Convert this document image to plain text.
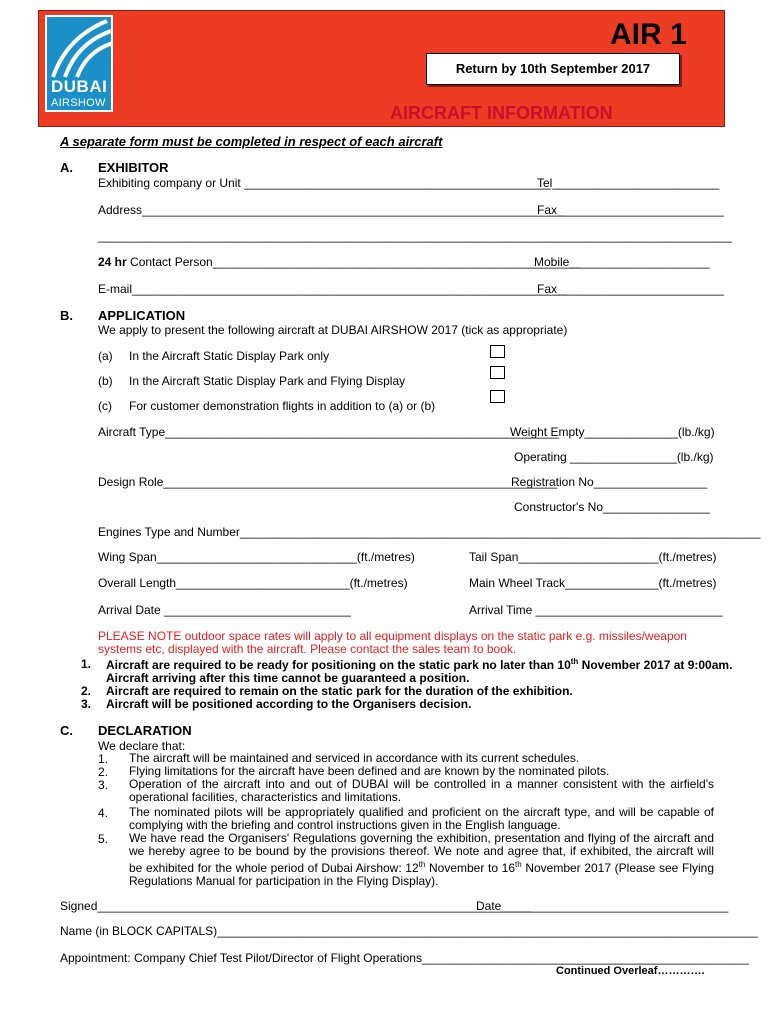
DUBAI
AIRSHOW
AIR 1
Return by 10th September 2017
AIRCRAFT INFORMATION
A separate form must be completed in respect of each aircraft
A. EXHIBITOR
Exhibiting company or Unit ______________________________________________
Tel_________________________
Address_______________________________________________________________
Fax_________________________
_______________________________________________________________________________________________
24 hr Contact Person_______________________________________________________
Mobile_____________________
E-mail_________________________________________________________________
Fax_________________________
B. APPLICATION
We apply to present the following aircraft at DUBAI AIRSHOW 2017 (tick as appropriate)
(a) In the Aircraft Static Display Park only
(b) In the Aircraft Static Display Park and Flying Display
(c) For customer demonstration flights in addition to (a) or (b)
Aircraft Type___________________________________________________________
Weight Empty______________(lb./kg)
Operating ________________(lb./kg)
Design Role___________________________________________________________
Registration No_________________
Constructor's No________________
Engines Type and Number______________________________________________________________________________
Wing Span______________________________(ft./metres)	Tail Span_____________________(ft./metres)
Overall Length__________________________(ft./metres)	Main Wheel Track______________(ft./metres)
Arrival Date ____________________________	Arrival Time ____________________________
PLEASE NOTE outdoor space rates will apply to all equipment displays on the static park e.g. missiles/weapon systems etc, displayed with the aircraft. Please contact the sales team to book.
1. Aircraft are required to be ready for positioning on the static park no later than 10th November 2017 at 9:00am.
Aircraft arriving after this time cannot be guaranteed a position.
2. Aircraft are required to remain on the static park for the duration of the exhibition.
3. Aircraft will be positioned according to the Organisers decision.
C. DECLARATION
We declare that:
1. The aircraft will be maintained and serviced in accordance with its current schedules.
2. Flying limitations for the aircraft have been defined and are known by the nominated pilots.
3. Operation of the aircraft into and out of DUBAI will be controlled in a manner consistent with the airfield's operational facilities, characteristics and limitations.
4. The nominated pilots will be appropriately qualified and proficient on the aircraft type, and will be capable of complying with the briefing and control instructions given in the English language.
5. We have read the Organisers' Regulations governing the exhibition, presentation and flying of the aircraft and we hereby agree to be bound by the provisions thereof. We note and agree that, if exhibited, the aircraft will be exhibited for the whole period of Dubai Airshow: 12th November to 16th November 2017 (Please see Flying Regulations Manual for participation in the Flying Display).
Signed_________________________________________________________________
Date__________________________________
Name (in BLOCK CAPITALS)_________________________________________________________________________________
Appointment: Company Chief Test Pilot/Director of Flight Operations_________________________________________________
Continued Overleaf………….
